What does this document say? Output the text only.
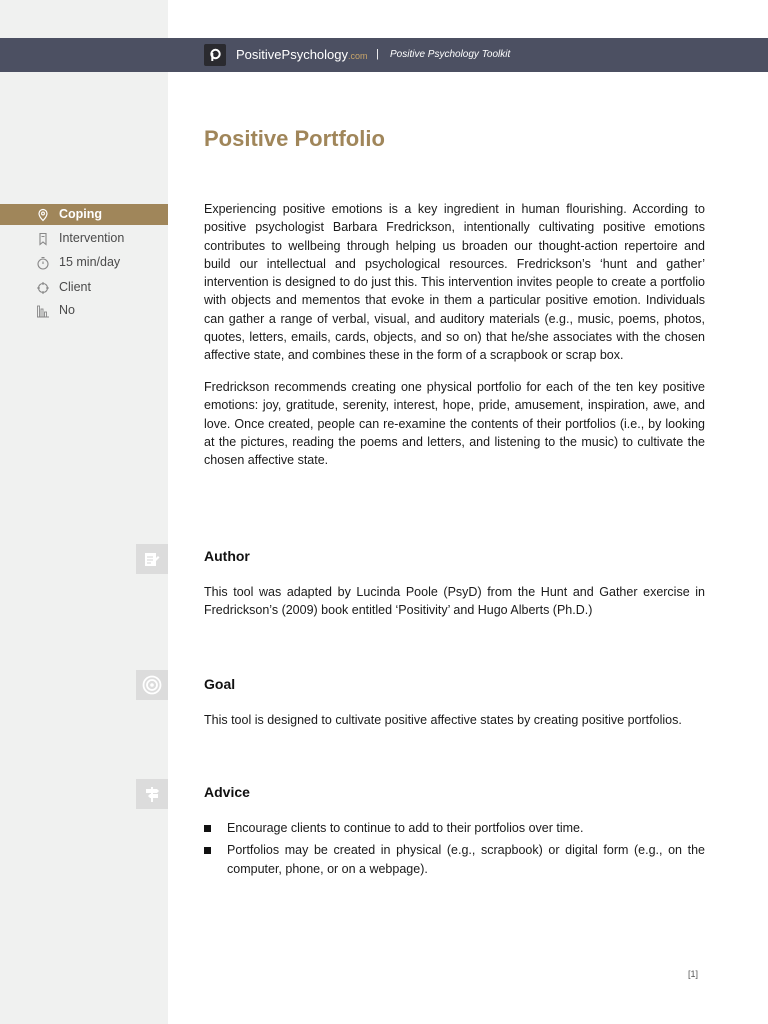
PositivePsychology.com | Positive Psychology Toolkit
Positive Portfolio
Coping
Intervention
15 min/day
Client
No

Experiencing positive emotions is a key ingredient in human flourishing. According to positive psychologist Barbara Fredrickson, intentionally cultivating positive emotions contributes to wellbeing through helping us broaden our thought-action repertoire and build our intellectual and psychological resources. Fredrickson’s ‘hunt and gather’ intervention is designed to do just this. This intervention invites people to create a portfolio with objects and mementos that evoke in them a particular positive emotion. Individuals can gather a range of verbal, visual, and auditory materials (e.g., music, poems, photos, quotes, letters, emails, cards, objects, and so on) that he/she associates with the chosen affective state, and combines these in the form of a scrapbook or scrap box.

Fredrickson recommends creating one physical portfolio for each of the ten key positive emotions: joy, gratitude, serenity, interest, hope, pride, amusement, inspiration, awe, and love. Once created, people can re-examine the contents of their portfolios (i.e., by looking at the pictures, reading the poems and letters, and listening to the music) to cultivate the chosen affective state.

Author

This tool was adapted by Lucinda Poole (PsyD) from the Hunt and Gather exercise in Fredrickson’s (2009) book entitled ‘Positivity’ and Hugo Alberts (Ph.D.)

Goal

This tool is designed to cultivate positive affective states by creating positive portfolios.

Advice
Encourage clients to continue to add to their portfolios over time.
Portfolios may be created in physical (e.g., scrapbook) or digital form (e.g., on the computer, phone, or on a webpage).
[1]
